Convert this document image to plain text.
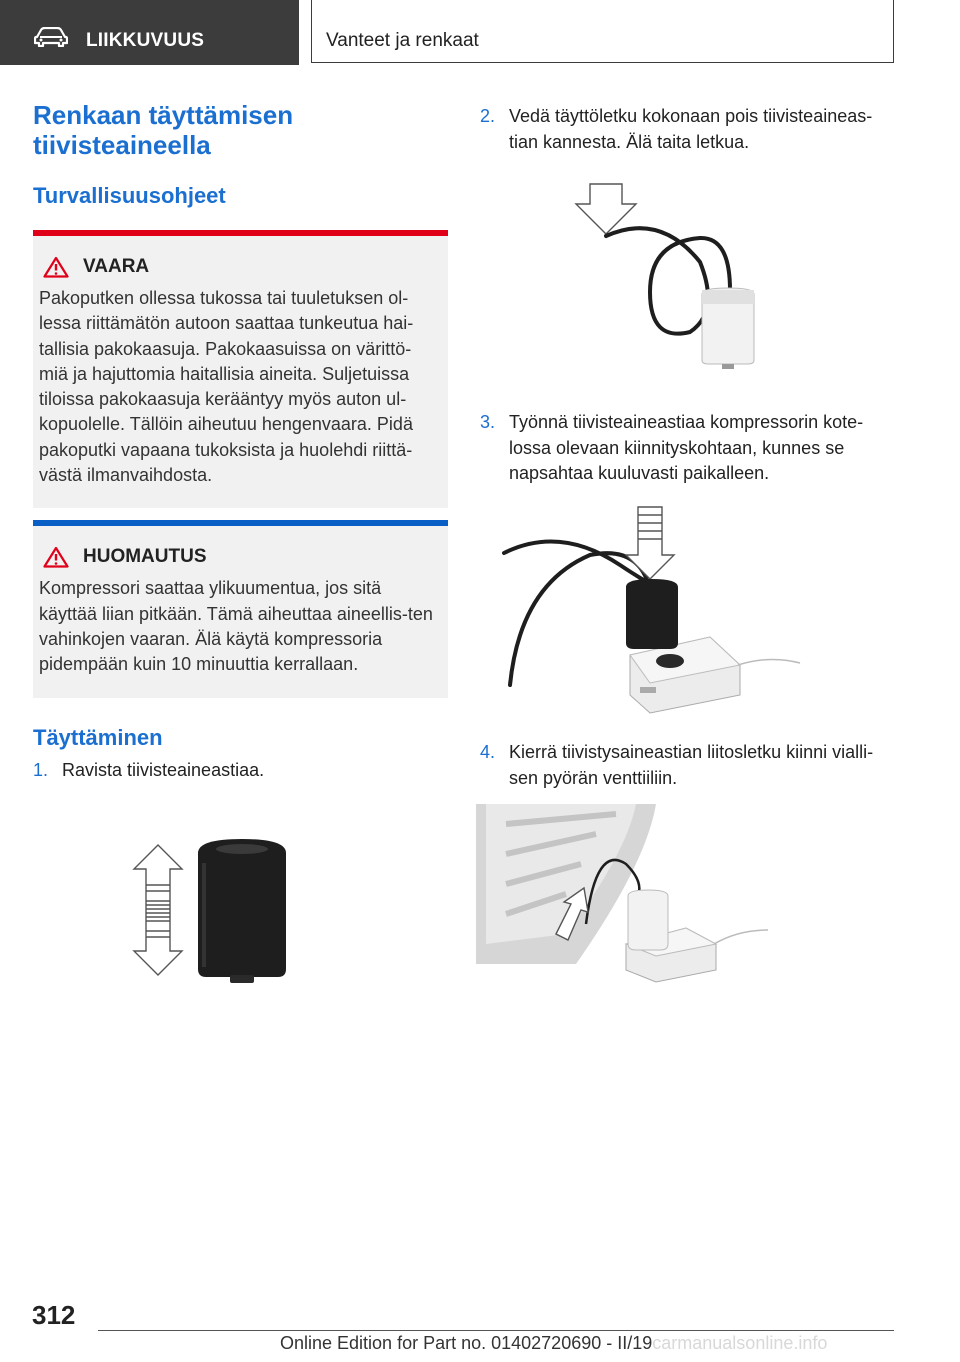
LIIKKUVUUS	Vanteet ja renkaat
Renkaan täyttämisen tiivisteaineella
Turvallisuusohjeet
VAARA
Pakoputken ollessa tukossa tai tuuletuksen ol-lessa riittämätön autoon saattaa tunkeutua hai-tallisia pakokaasuja. Pakokaasuissa on värittö-miä ja hajuttomia haitallisia aineita. Suljetuissa tiloissa pakokaasuja kerääntyy myös auton ul-kopuolelle. Tällöin aiheutuu hengenvaara. Pidä pakoputki vapaana tukoksista ja huolehdi riittä-västä ilmanvaihdosta.
HUOMAUTUS
Kompressori saattaa ylikuumentua, jos sitä käyttää liian pitkään. Tämä aiheuttaa aineellis-ten vahinkojen vaaran. Älä käytä kompressoria pidempään kuin 10 minuuttia kerrallaan.
Täyttäminen
1. Ravista tiivisteaineastiaa.
2. Vedä täyttöletku kokonaan pois tiivisteaineas-tian kannesta. Älä taita letkua.
3. Työnnä tiivisteaineastiaa kompressorin kote-lossa olevaan kiinnityskohtaan, kunnes se napsahtaa kuuluvasti paikalleen.
4. Kierrä tiivistysaineastian liitosletku kiinni vialli-sen pyörän venttiiliin.
312
Online Edition for Part no. 01402720690 - II/19carmanualsonline.info
